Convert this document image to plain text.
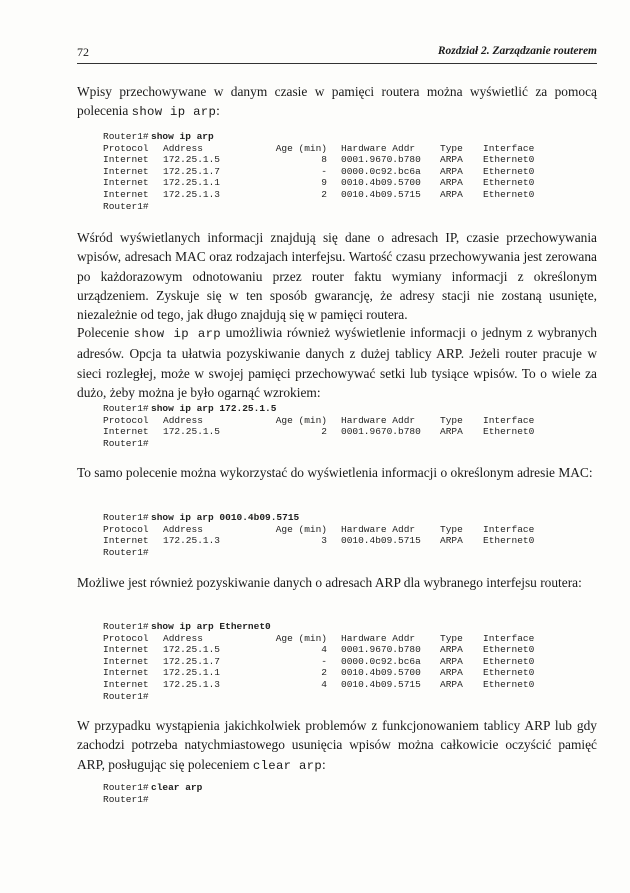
72	Rozdział 2. Zarządzanie routerem

Wpisy przechowywane w danym czasie w pamięci routera można wyświetlić za pomocą polecenia show ip arp:

Router1# show ip arp
Protocol Address	Age (min) Hardware Addr	Type Interface
Internet 172.25.1.5	8 0001.9670.b780 ARPA Ethernet0
Internet 172.25.1.7	- 0000.0c92.bc6a ARPA Ethernet0
Internet 172.25.1.1	9 0010.4b09.5700 ARPA Ethernet0
Internet 172.25.1.3	2 0010.4b09.5715 ARPA Ethernet0
Router1#

Wśród wyświetlanych informacji znajdują się dane o adresach IP, czasie przechowywania wpisów, adresach MAC oraz rodzajach interfejsu. Wartość czasu przechowywania jest zerowana po każdorazowym odnotowaniu przez router faktu wymiany informacji z określonym urządzeniem. Zyskuje się w ten sposób gwarancję, że adresy stacji nie zostaną usunięte, niezależnie od tego, jak długo znajdują się w pamięci routera.

Polecenie show ip arp umożliwia również wyświetlenie informacji o jednym z wybranych adresów. Opcja ta ułatwia pozyskiwanie danych z dużej tablicy ARP. Jeżeli router pracuje w sieci rozległej, może w swojej pamięci przechowywać setki lub tysiące wpisów. To o wiele za dużo, żeby można je było ogarnąć wzrokiem:

Router1# show ip arp 172.25.1.5
Protocol Address	Age (min) Hardware Addr	Type Interface
Internet 172.25.1.5	2 0001.9670.b780 ARPA Ethernet0
Router1#

To samo polecenie można wykorzystać do wyświetlenia informacji o określonym adresie MAC:

Router1# show ip arp 0010.4b09.5715
Protocol Address	Age (min) Hardware Addr	Type Interface
Internet 172.25.1.3	3 0010.4b09.5715 ARPA Ethernet0
Router1#

Możliwe jest również pozyskiwanie danych o adresach ARP dla wybranego interfejsu routera:

Router1# show ip arp Ethernet0
Protocol Address	Age (min) Hardware Addr	Type Interface
Internet 172.25.1.5	4 0001.9670.b780 ARPA Ethernet0
Internet 172.25.1.7	- 0000.0c92.bc6a ARPA Ethernet0
Internet 172.25.1.1	2 0010.4b09.5700 ARPA Ethernet0
Internet 172.25.1.3	4 0010.4b09.5715 ARPA Ethernet0
Router1#

W przypadku wystąpienia jakichkolwiek problemów z funkcjonowaniem tablicy ARP lub gdy zachodzi potrzeba natychmiastowego usunięcia wpisów można całkowicie oczyścić pamięć ARP, posługując się poleceniem clear arp:

Router1# clear arp
Router1#
